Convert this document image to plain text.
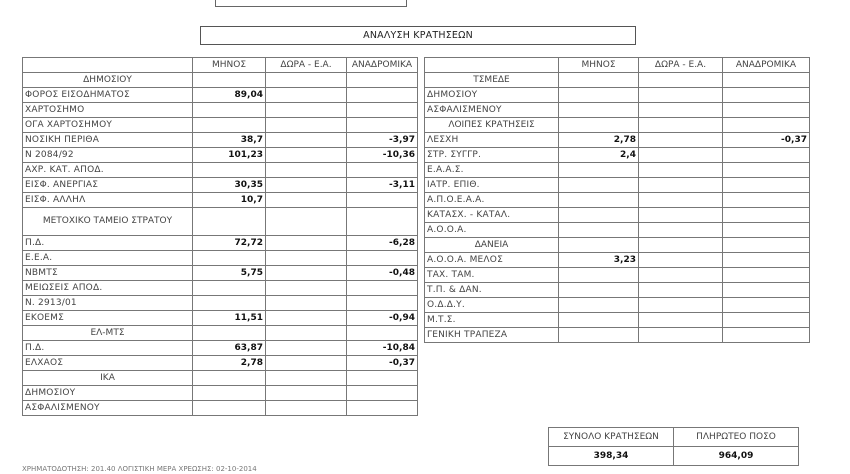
ΑΝΑΛΥΣΗ ΚΡΑΤΗΣΕΩΝ
	ΜΗΝΟΣ	ΔΩΡΑ - Ε.Α.	ΑΝΑΔΡΟΜΙΚΑ
ΔΗΜΟΣΙΟΥ			
ΦΟΡΟΣ ΕΙΣΟΔΗΜΑΤΟΣ	89,04		
ΧΑΡΤΟΣΗΜΟ			
ΟΓΑ ΧΑΡΤΟΣΗΜΟΥ			
ΝΟΣΙΚΗ ΠΕΡΙΘΑ	38,7		-3,97
Ν 2084/92	101,23		-10,36
ΑΧΡ. ΚΑΤ. ΑΠΟΔ.			
ΕΙΣΦ. ΑΝΕΡΓΙΑΣ	30,35		-3,11
ΕΙΣΦ. ΑΛΛΗΛ	10,7		
ΜΕΤΟΧΙΚΟ ΤΑΜΕΙΟ ΣΤΡΑΤΟΥ			
Π.Δ.	72,72		-6,28
Ε.Ε.Α.			
ΝΒΜΤΣ	5,75		-0,48
ΜΕΙΩΣΕΙΣ ΑΠΟΔ.			
Ν. 2913/01			
ΕΚΟΕΜΣ	11,51		-0,94
ΕΛ-ΜΤΣ			
Π.Δ.	63,87		-10,84
ΕΛΧΑΟΣ	2,78		-0,37
ΙΚΑ			
ΔΗΜΟΣΙΟΥ			
ΑΣΦΑΛΙΣΜΕΝΟΥ			
	ΜΗΝΟΣ	ΔΩΡΑ - Ε.Α.	ΑΝΑΔΡΟΜΙΚΑ
ΤΣΜΕΔΕ			
ΔΗΜΟΣΙΟΥ			
ΑΣΦΑΛΙΣΜΕΝΟΥ			
ΛΟΙΠΕΣ ΚΡΑΤΗΣΕΙΣ			
ΛΕΣΧΗ	2,78		-0,37
ΣΤΡ. ΣΥΓΓΡ.	2,4		
Ε.Α.Α.Σ.			
ΙΑΤΡ. ΕΠΙΘ.			
Α.Π.Ο.Ε.Α.Α.			
ΚΑΤΑΣΧ. - ΚΑΤΑΛ.			
Α.Ο.Ο.Α.			
ΔΑΝΕΙΑ			
Α.Ο.Ο.Α. ΜΕΛΟΣ	3,23		
ΤΑΧ. ΤΑΜ.			
Τ.Π. & ΔΑΝ.			
Ο.Δ.Δ.Υ.			
Μ.Τ.Σ.			
ΓΕΝΙΚΗ ΤΡΑΠΕΖΑ			
ΣΥΝΟΛΟ ΚΡΑΤΗΣΕΩΝ	ΠΛΗΡΩΤΕΟ ΠΟΣΟ
398,34	964,09
ΧΡΗΜΑΤΟΔΟΤΗΣΗ: 201.40 ΛΟΓΙΣΤΙΚΗ ΜΕΡΑ ΧΡΕΩΣΗΣ: 02-10-2014
